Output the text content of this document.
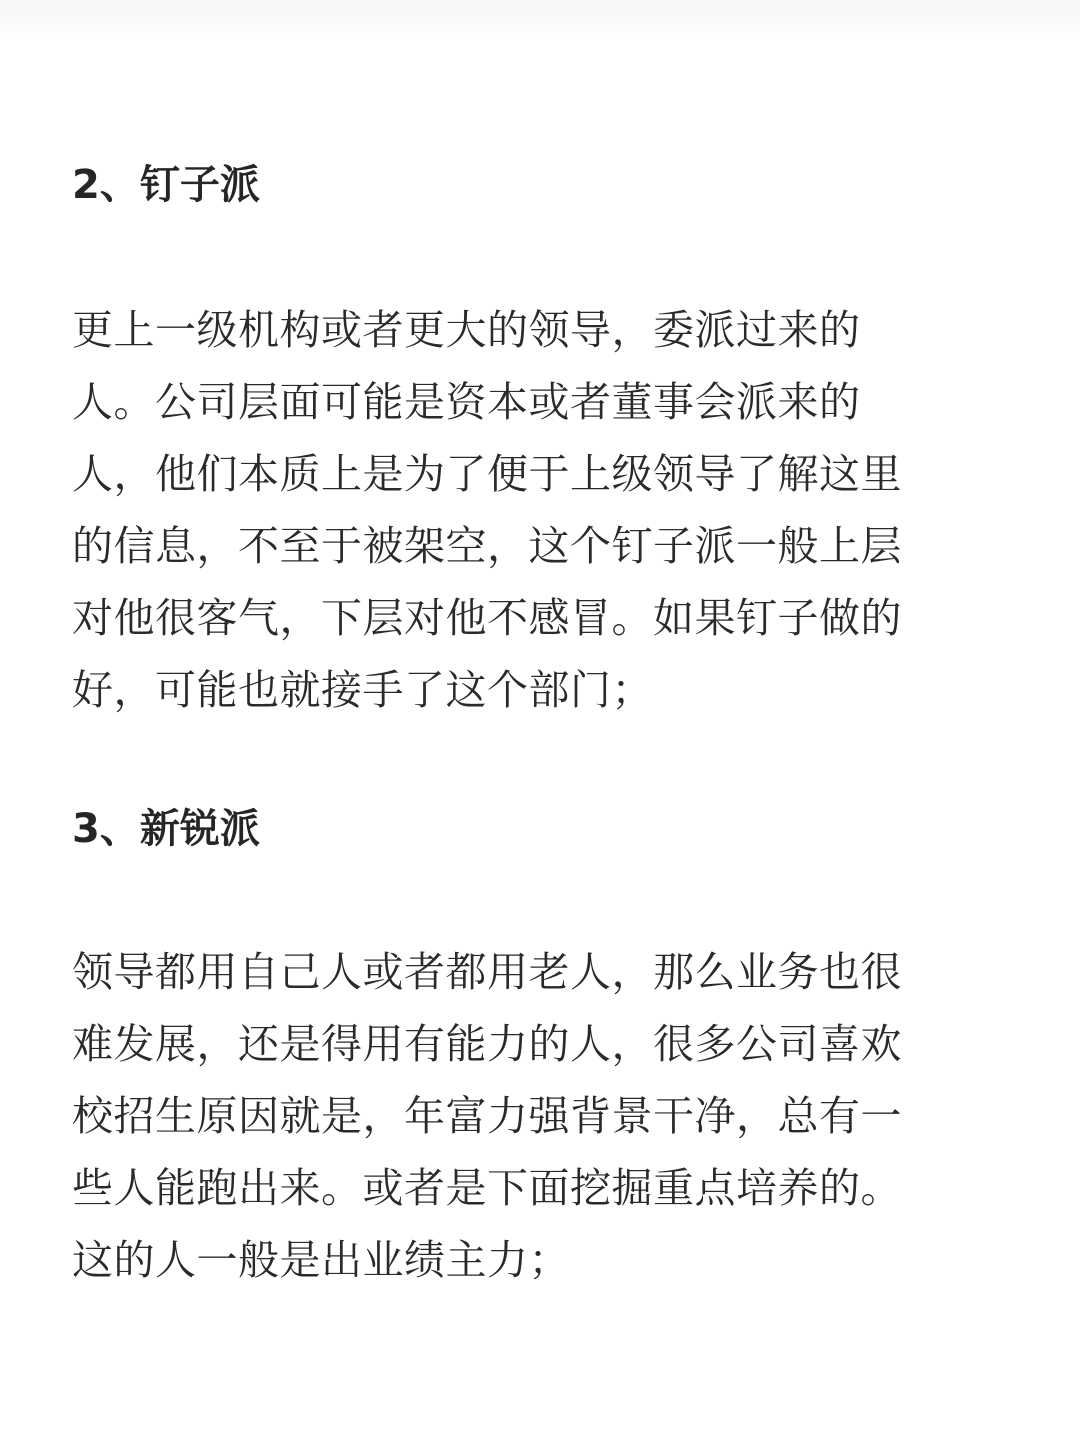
2、钉子派
更上一级机构或者更大的领导，委派过来的
人。公司层面可能是资本或者董事会派来的
人，他们本质上是为了便于上级领导了解这里
的信息，不至于被架空，这个钉子派一般上层
对他很客气，下层对他不感冒。如果钉子做的
好，可能也就接手了这个部门；
3、新锐派
领导都用自己人或者都用老人，那么业务也很
难发展，还是得用有能力的人，很多公司喜欢
校招生原因就是，年富力强背景干净，总有一
些人能跑出来。或者是下面挖掘重点培养的。
这的人一般是出业绩主力；
